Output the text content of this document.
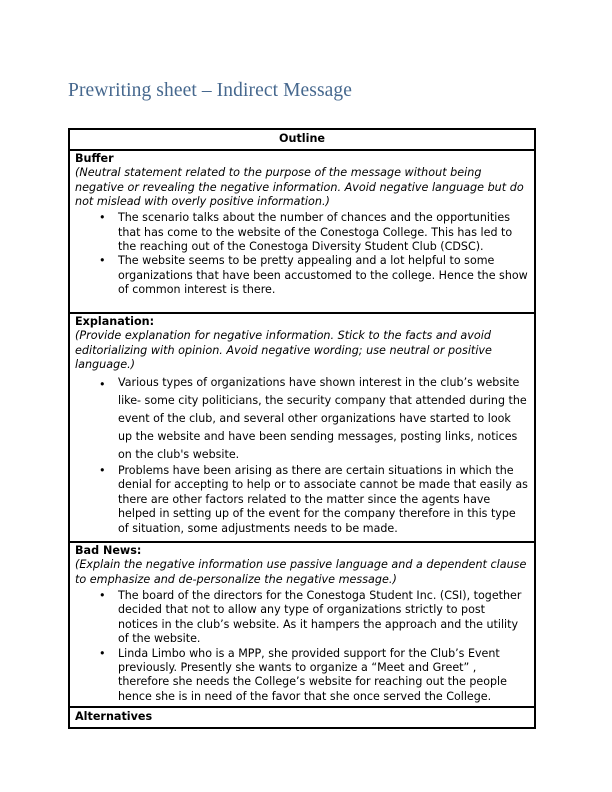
Prewriting sheet – Indirect Message
Outline
Buffer
(Neutral statement related to the purpose of the message without being negative or revealing the negative information. Avoid negative language but do not mislead with overly positive information.)
• The scenario talks about the number of chances and the opportunities that has come to the website of the Conestoga College. This has led to the reaching out of the Conestoga Diversity Student Club (CDSC).
• The website seems to be pretty appealing and a lot helpful to some organizations that have been accustomed to the college. Hence the show of common interest is there.
Explanation:
(Provide explanation for negative information. Stick to the facts and avoid editorializing with opinion. Avoid negative wording; use neutral or positive language.)
• Various types of organizations have shown interest in the club’s website like- some city politicians, the security company that attended during the event of the club, and several other organizations have started to look up the website and have been sending messages, posting links, notices on the club's website.
• Problems have been arising as there are certain situations in which the denial for accepting to help or to associate cannot be made that easily as there are other factors related to the matter since the agents have helped in setting up of the event for the company therefore in this type of situation, some adjustments needs to be made.
Bad News:
(Explain the negative information use passive language and a dependent clause to emphasize and de-personalize the negative message.)
• The board of the directors for the Conestoga Student Inc. (CSI), together decided that not to allow any type of organizations strictly to post notices in the club’s website. As it hampers the approach and the utility of the website.
• Linda Limbo who is a MPP, she provided support for the Club’s Event previously. Presently she wants to organize a “Meet and Greet” , therefore she needs the College’s website for reaching out the people hence she is in need of the favor that she once served the College.
Alternatives
